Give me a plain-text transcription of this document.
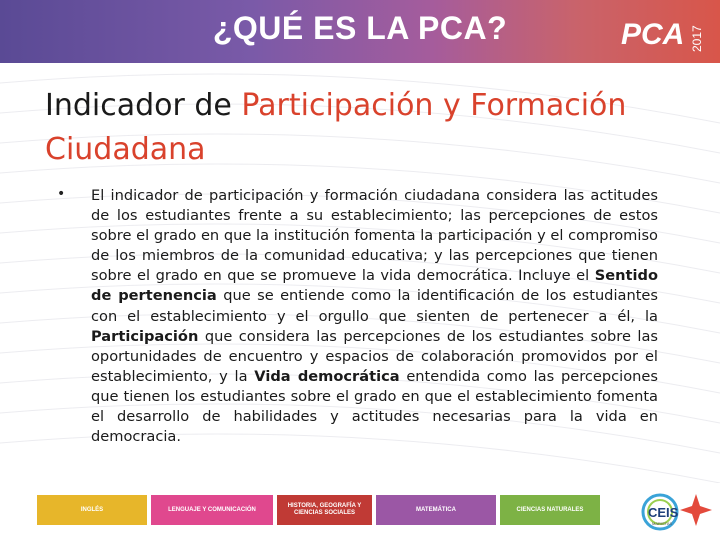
¿QUÉ ES LA PCA?	PCA 2017
Indicador de Participación y Formación Ciudadana
• El indicador de participación y formación ciudadana considera las actitudes de los estudiantes frente a su establecimiento; las percepciones de estos sobre el grado en que la institución fomenta la participación y el compromiso de los miembros de la comunidad educativa; y las percepciones que tienen sobre el grado en que se promueve la vida democrática. Incluye el Sentido de pertenencia que se entiende como la identificación de los estudiantes con el establecimiento y el orgullo que sienten de pertenecer a él, la Participación que considera las percepciones de los estudiantes sobre las oportunidades de encuentro y espacios de colaboración promovidos por el establecimiento, y la Vida democrática entendida como las percepciones que tienen los estudiantes sobre el grado en que el establecimiento fomenta el desarrollo de habilidades y actitudes necesarias para la vida en democracia.

INGLÉS	LENGUAJE Y COMUNICACIÓN
HISTORIA, GEOGRAFÍA Y CIENCIAS SOCIALES
MATEMÁTICA	CIENCIAS NATURALES	CEIS
MARISTAS
